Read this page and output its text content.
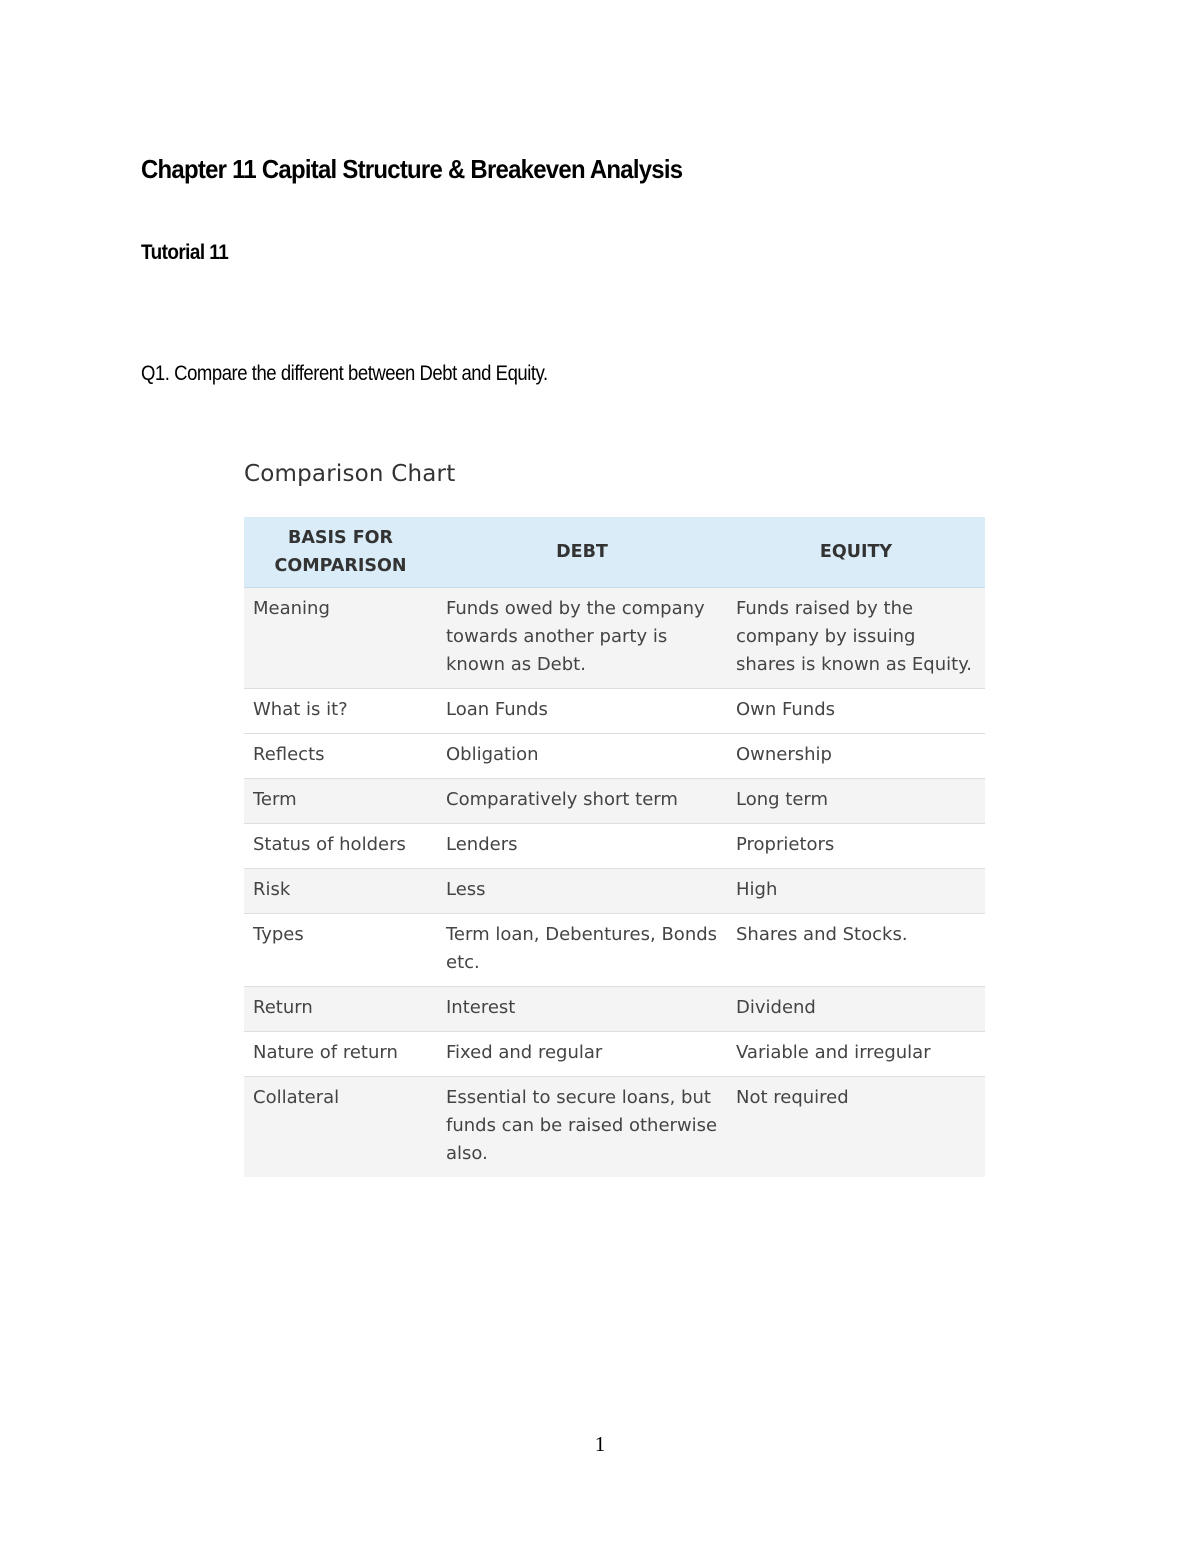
Chapter 11 Capital Structure & Breakeven Analysis
Tutorial 11
Q1. Compare the different between Debt and Equity.
Comparison Chart
BASIS FOR COMPARISON	DEBT	EQUITY
Meaning	Funds owed by the company towards another party is known as Debt.	Funds raised by the company by issuing shares is known as Equity.
What is it?	Loan Funds	Own Funds
Reflects	Obligation	Ownership
Term	Comparatively short term	Long term
Status of holders	Lenders	Proprietors
Risk	Less	High
Types	Term loan, Debentures, Bonds etc.	Shares and Stocks.
Return	Interest	Dividend
Nature of return	Fixed and regular	Variable and irregular
Collateral	Essential to secure loans, but funds can be raised otherwise also.	Not required
1
